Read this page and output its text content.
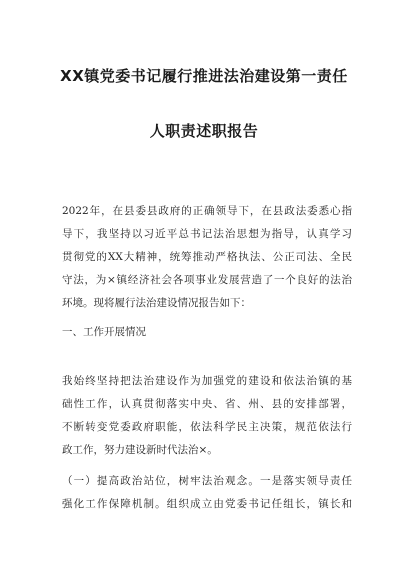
XX镇党委书记履行推进法治建设第一责任
人职责述职报告
2022年，在县委县政府的正确领导下，在县政法委悉心指
导下，我坚持以习近平总书记法治思想为指导，认真学习
贯彻党的XX大精神，统筹推动严格执法、公正司法、全民
守法，为×镇经济社会各项事业发展营造了一个良好的法治
环境。现将履行法治建设情况报告如下：
一、工作开展情况
我始终坚持把法治建设作为加强党的建设和依法治镇的基
础性工作，认真贯彻落实中央、省、州、县的安排部署，
不断转变党委政府职能，依法科学民主决策，规范依法行
政工作，努力建设新时代法治×。
（一）提高政治站位，树牢法治观念。一是落实领导责任
强化工作保障机制。组织成立由党委书记任组长，镇长和
